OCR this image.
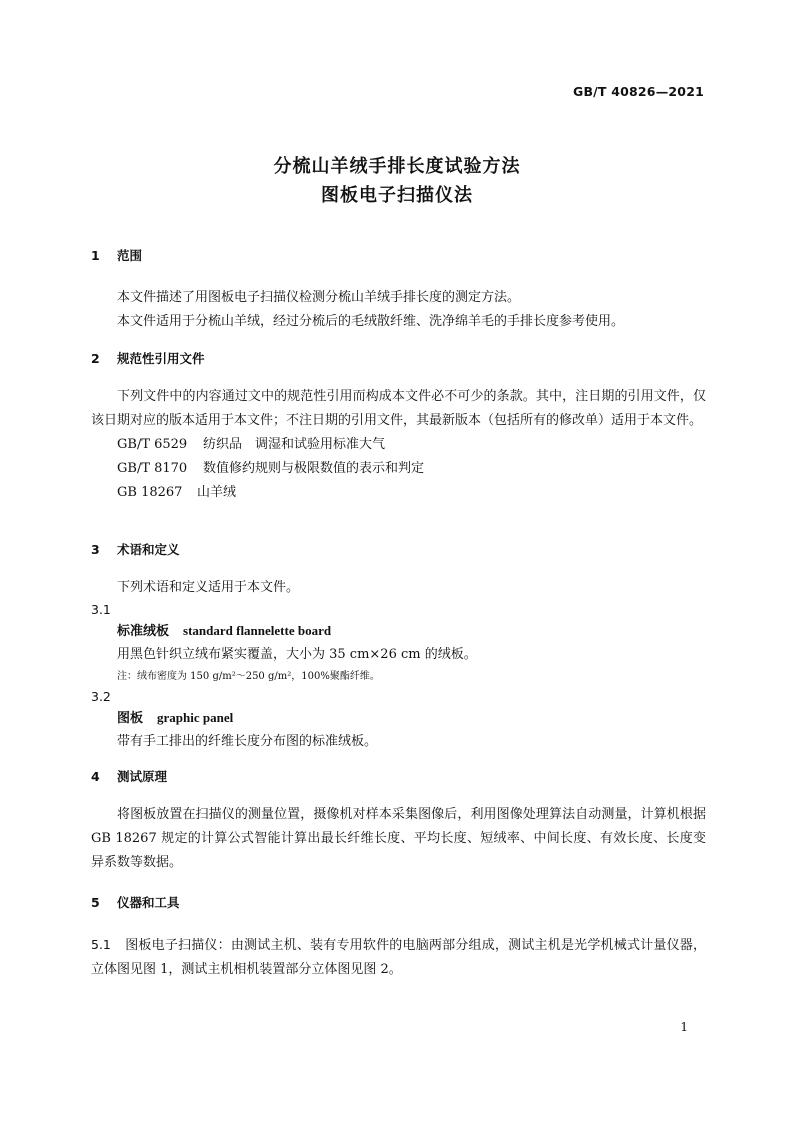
GB/T 40826—2021
分梳山羊绒手排长度试验方法
图板电子扫描仪法
1 范围

本文件描述了用图板电子扫描仪检测分梳山羊绒手排长度的测定方法。

本文件适用于分梳山羊绒，经过分梳后的毛绒散纤维、洗净绵羊毛的手排长度参考使用。

2 规范性引用文件

下列文件中的内容通过文中的规范性引用而构成本文件必不可少的条款。其中，注日期的引用文件，仅该日期对应的版本适用于本文件；不注日期的引用文件，其最新版本（包括所有的修改单）适用于本文件。

GB/T 6529 纺织品　调湿和试验用标准大气
GB/T 8170 数值修约规则与极限数值的表示和判定
GB 18267 山羊绒
3 术语和定义

下列术语和定义适用于本文件。

3.1
标准绒板 standard flannelette board

用黑色针织立绒布紧实覆盖，大小为 35 cm×26 cm 的绒板。

注：绒布密度为 150 g/m²～250 g/m²，100%聚酯纤维。
3.2
图板 graphic panel

带有手工排出的纤维长度分布图的标准绒板。

4 测试原理

将图板放置在扫描仪的测量位置，摄像机对样本采集图像后，利用图像处理算法自动测量，计算机根据 GB 18267 规定的计算公式智能计算出最长纤维长度、平均长度、短绒率、中间长度、有效长度、长度变异系数等数据。

5 仪器和工具

5.1 图板电子扫描仪：由测试主机、装有专用软件的电脑两部分组成，测试主机是光学机械式计量仪器，立体图见图 1，测试主机相机装置部分立体图见图 2。

1
